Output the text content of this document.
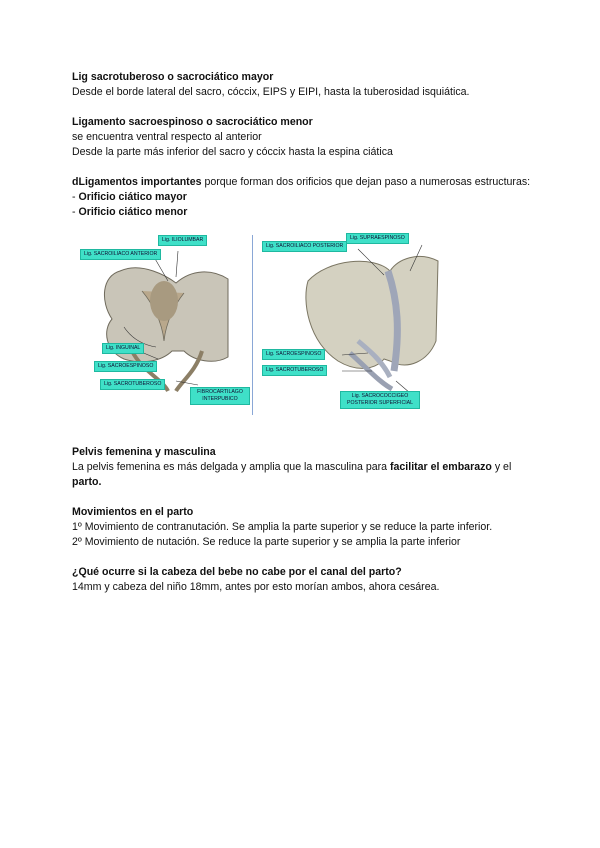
Lig sacrotuberoso o sacrociático mayor

Desde el borde lateral del sacro, cóccix, EIPS y EIPI, hasta la tuberosidad isquiática.

Ligamento sacroespinoso o sacrociático menor

se encuentra ventral respecto al anterior

Desde la parte más inferior del sacro y cóccix hasta la espina ciática

dLigamentos importantes porque forman dos orificios que dejan paso a numerosas estructuras:

- Orificio ciático mayor

- Orificio ciático menor

Lig. ILIOLUMBAR
Lig. SACROILIACO ANTERIOR
Lig. INGUINAL
Lig. SACROESPINOSO
Lig. SACROTUBEROSO
FIBROCARTILAGO INTERPUBICO
Lig. SACROILIACO POSTERIOR
Lig. SUPRAESPINOSO
Lig. SACROESPINOSO
Lig. SACROTUBEROSO
Lig. SACROCOCCIGEO POSTERIOR SUPERFICIAL

Pelvis femenina y masculina

La pelvis femenina es más delgada y amplia que la masculina para facilitar el embarazo y el parto.

Movimientos en el parto

1º Movimiento de contranutación. Se amplia la parte superior y se reduce la parte inferior.

2º Movimiento de nutación. Se reduce la parte superior y se amplia la parte inferior

¿Qué ocurre si la cabeza del bebe no cabe por el canal del parto?

14mm y cabeza del niño 18mm, antes por esto morían ambos, ahora cesárea.
